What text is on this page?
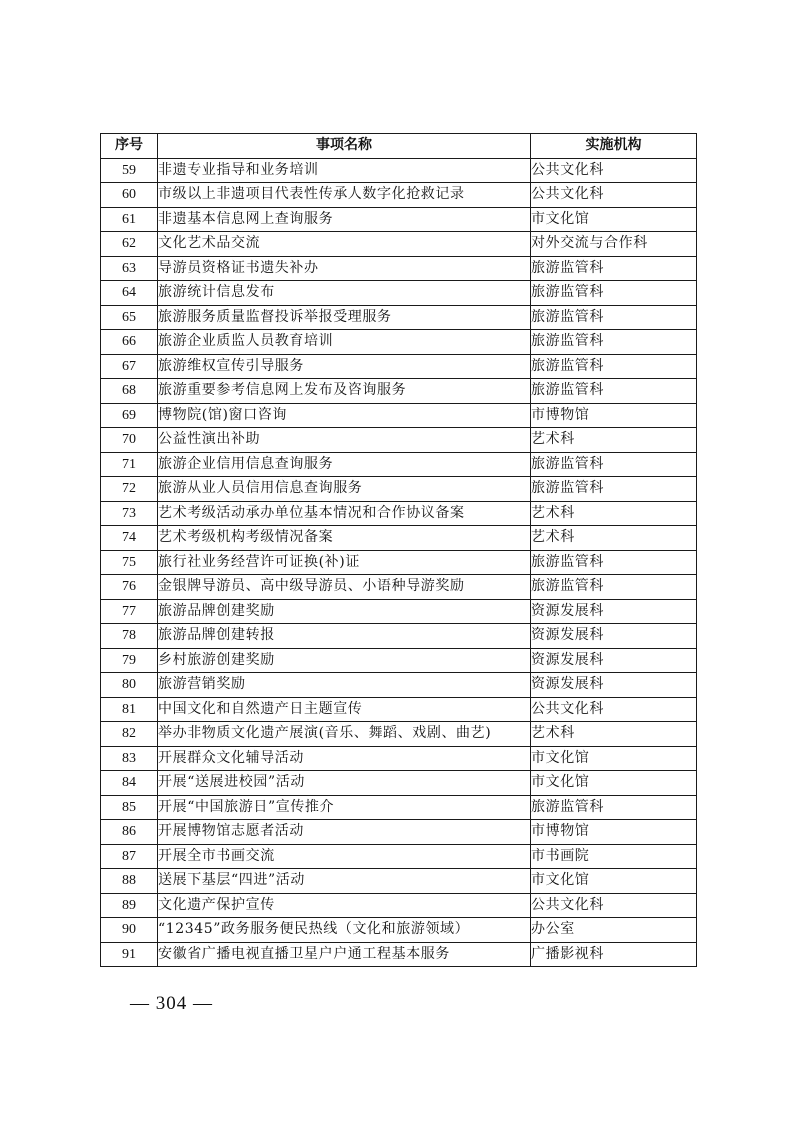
序号	事项名称	实施机构
59	非遗专业指导和业务培训	公共文化科
60	市级以上非遗项目代表性传承人数字化抢救记录	公共文化科
61	非遗基本信息网上查询服务	市文化馆
62	文化艺术品交流	对外交流与合作科
63	导游员资格证书遗失补办	旅游监管科
64	旅游统计信息发布	旅游监管科
65	旅游服务质量监督投诉举报受理服务	旅游监管科
66	旅游企业质监人员教育培训	旅游监管科
67	旅游维权宣传引导服务	旅游监管科
68	旅游重要参考信息网上发布及咨询服务	旅游监管科
69	博物院(馆)窗口咨询	市博物馆
70	公益性演出补助	艺术科
71	旅游企业信用信息查询服务	旅游监管科
72	旅游从业人员信用信息查询服务	旅游监管科
73	艺术考级活动承办单位基本情况和合作协议备案	艺术科
74	艺术考级机构考级情况备案	艺术科
75	旅行社业务经营许可证换(补)证	旅游监管科
76	金银牌导游员、高中级导游员、小语种导游奖励	旅游监管科
77	旅游品牌创建奖励	资源发展科
78	旅游品牌创建转报	资源发展科
79	乡村旅游创建奖励	资源发展科
80	旅游营销奖励	资源发展科
81	中国文化和自然遗产日主题宣传	公共文化科
82	举办非物质文化遗产展演(音乐、舞蹈、戏剧、曲艺)	艺术科
83	开展群众文化辅导活动	市文化馆
84	开展“送展进校园”活动	市文化馆
85	开展“中国旅游日”宣传推介	旅游监管科
86	开展博物馆志愿者活动	市博物馆
87	开展全市书画交流	市书画院
88	送展下基层“四进”活动	市文化馆
89	文化遗产保护宣传	公共文化科
90	“12345”政务服务便民热线（文化和旅游领域）	办公室
91	安徽省广播电视直播卫星户户通工程基本服务	广播影视科
— 304 —
